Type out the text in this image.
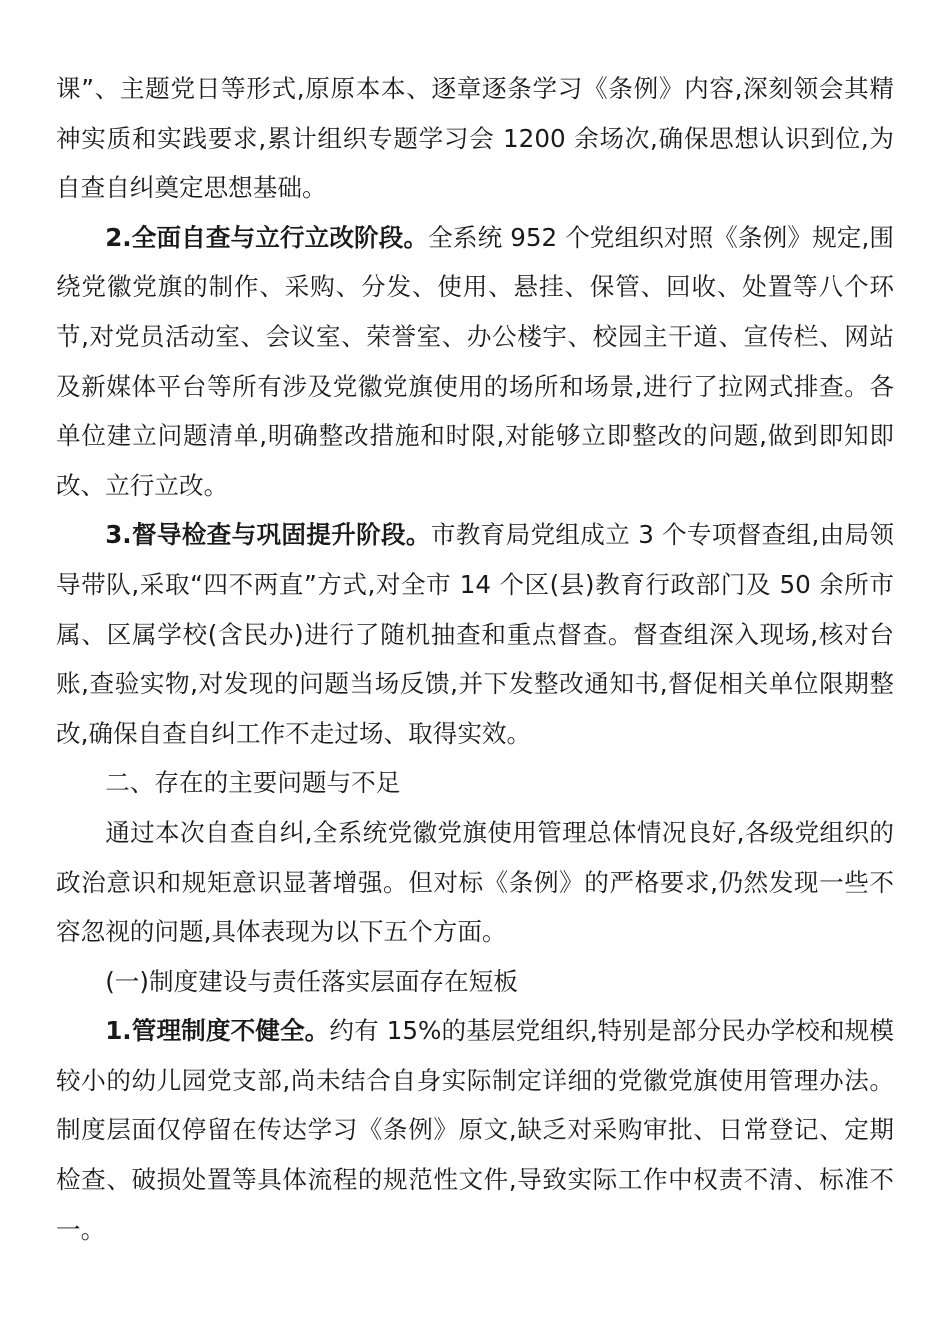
课”、主题党日等形式,原原本本、逐章逐条学习《条例》内容,深刻领会其精神实质和实践要求,累计组织专题学习会 1200 余场次,确保思想认识到位,为自查自纠奠定思想基础。

2.全面自查与立行立改阶段。全系统 952 个党组织对照《条例》规定,围绕党徽党旗的制作、采购、分发、使用、悬挂、保管、回收、处置等八个环节,对党员活动室、会议室、荣誉室、办公楼宇、校园主干道、宣传栏、网站及新媒体平台等所有涉及党徽党旗使用的场所和场景,进行了拉网式排查。各单位建立问题清单,明确整改措施和时限,对能够立即整改的问题,做到即知即改、立行立改。

3.督导检查与巩固提升阶段。市教育局党组成立 3 个专项督查组,由局领导带队,采取“四不两直”方式,对全市 14 个区(县)教育行政部门及 50 余所市属、区属学校(含民办)进行了随机抽查和重点督查。督查组深入现场,核对台账,查验实物,对发现的问题当场反馈,并下发整改通知书,督促相关单位限期整改,确保自查自纠工作不走过场、取得实效。

二、存在的主要问题与不足

通过本次自查自纠,全系统党徽党旗使用管理总体情况良好,各级党组织的政治意识和规矩意识显著增强。但对标《条例》的严格要求,仍然发现一些不容忽视的问题,具体表现为以下五个方面。

(一)制度建设与责任落实层面存在短板

1.管理制度不健全。约有 15%的基层党组织,特别是部分民办学校和规模较小的幼儿园党支部,尚未结合自身实际制定详细的党徽党旗使用管理办法。制度层面仅停留在传达学习《条例》原文,缺乏对采购审批、日常登记、定期检查、破损处置等具体流程的规范性文件,导致实际工作中权责不清、标准不一。
